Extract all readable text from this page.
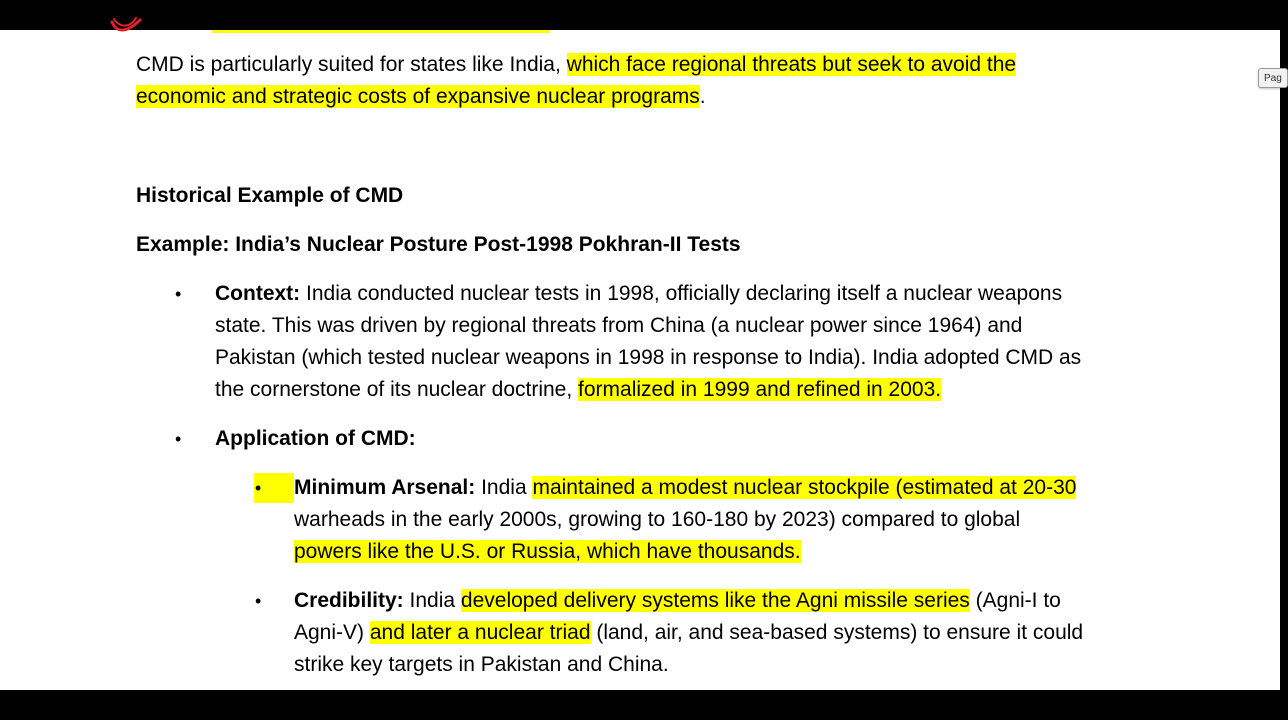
Pag
CMD is particularly suited for states like India, which face regional threats but seek to avoid the
economic and strategic costs of expansive nuclear programs.
Historical Example of CMD
Example: India’s Nuclear Posture Post-1998 Pokhran-II Tests
• Context: India conducted nuclear tests in 1998, officially declaring itself a nuclear weapons
state. This was driven by regional threats from China (a nuclear power since 1964) and
Pakistan (which tested nuclear weapons in 1998 in response to India). India adopted CMD as
the cornerstone of its nuclear doctrine, formalized in 1999 and refined in 2003.
• Application of CMD:
• Minimum Arsenal: India maintained a modest nuclear stockpile (estimated at 20-30
warheads in the early 2000s, growing to 160-180 by 2023) compared to global
powers like the U.S. or Russia, which have thousands.
• Credibility: India developed delivery systems like the Agni missile series (Agni-I to
Agni-V) and later a nuclear triad (land, air, and sea-based systems) to ensure it could
strike key targets in Pakistan and China.
